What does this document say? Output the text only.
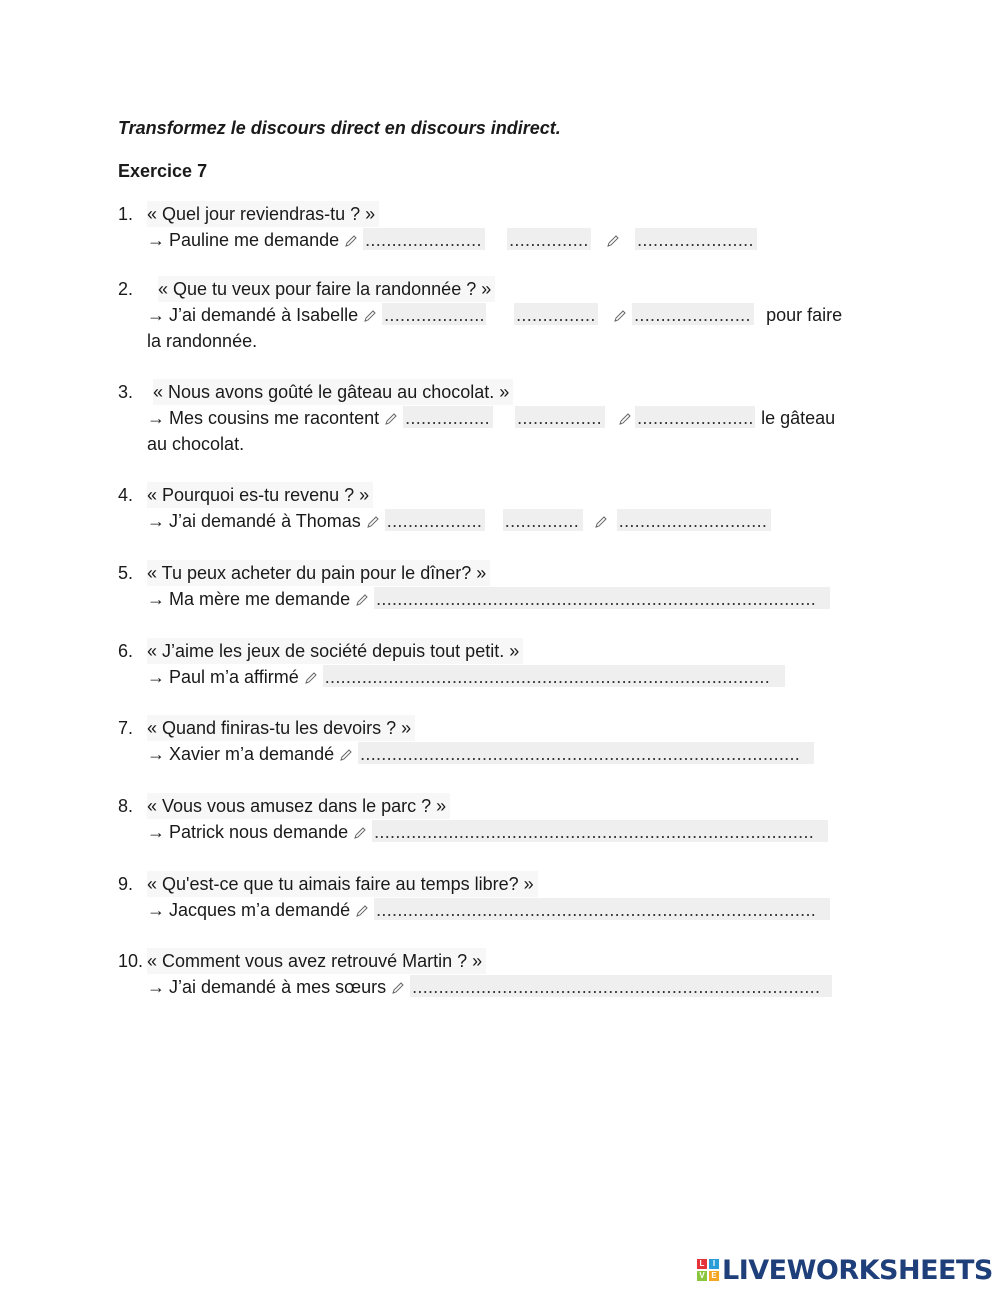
Transformez le discours direct en discours indirect.

Exercice 7

1. « Quel jour reviendras-tu ? »
→ Pauline me demande ...................... ...............	......................
2.	« Que tu veux pour faire la randonnée ? »
→ J’ai demandé à Isabelle ................... ............... ...................... pour faire
la randonnée.
3.	« Nous avons goûté le gâteau au chocolat. »
→ Mes cousins me racontent ................ ................ ...................... le gâteau
au chocolat.
4. « Pourquoi es-tu revenu ? »
→ J’ai demandé à Thomas .................. .............. ............................
5. « Tu peux acheter du pain pour le dîner? »
→ Ma mère me demande ...................................................................................
6. « J’aime les jeux de société depuis tout petit. »
→ Paul m’a affirmé ....................................................................................
7. « Quand finiras-tu les devoirs ? »
→ Xavier m’a demandé ...................................................................................
8. « Vous vous amusez dans le parc ? »
→ Patrick nous demande ...................................................................................
9. « Qu'est-ce que tu aimais faire au temps libre? »
→ Jacques m’a demandé ...................................................................................
10. « Comment vous avez retrouvé Martin ? »
→ J’ai demandé à mes sœurs .............................................................................
L	I
V E LIVEWORKSHEETS
